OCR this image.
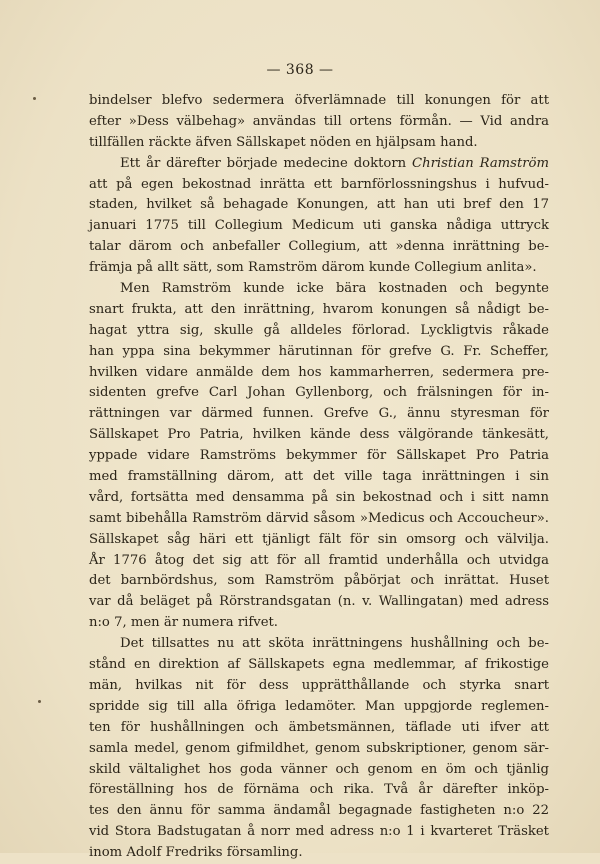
— 368 —
bindelser blefvo sedermera öfverlämnade till konungen för att
efter »Dess välbehag» användas till ortens förmån. — Vid andra
tillfällen räckte äfven Sällskapet nöden en hjälpsam hand.
Ett år därefter började medecine doktorn Christian Ramström
att på egen bekostnad inrätta ett barnförlossningshus i hufvud-
staden, hvilket så behagade Konungen, att han uti bref den 17
januari 1775 till Collegium Medicum uti ganska nådiga uttryck
talar därom och anbefaller Collegium, att »denna inrättning be-
främja på allt sätt, som Ramström därom kunde Collegium anlita».
Men Ramström kunde icke bära kostnaden och begynte
snart frukta, att den inrättning, hvarom konungen så nådigt be-
hagat yttra sig, skulle gå alldeles förlorad. Lyckligtvis råkade
han yppa sina bekymmer härutinnan för grefve G. Fr. Scheffer,
hvilken vidare anmälde dem hos kammarherren, sedermera pre-
sidenten grefve Carl Johan Gyllenborg, och frälsningen för in-
rättningen var därmed funnen. Grefve G., ännu styresman för
Sällskapet Pro Patria, hvilken kände dess välgörande tänkesätt,
yppade vidare Ramströms bekymmer för Sällskapet Pro Patria
med framställning därom, att det ville taga inrättningen i sin
vård, fortsätta med densamma på sin bekostnad och i sitt namn
samt bibehålla Ramström därvid såsom »Medicus och Accoucheur».
Sällskapet såg häri ett tjänligt fält för sin omsorg och välvilja.
År 1776 åtog det sig att för all framtid underhålla och utvidga
det barnbördshus, som Ramström påbörjat och inrättat. Huset
var då beläget på Rörstrandsgatan (n. v. Wallingatan) med adress
n:o 7, men är numera rifvet.
Det tillsattes nu att sköta inrättningens hushållning och be-
stånd en direktion af Sällskapets egna medlemmar, af frikostige
män, hvilkas nit för dess upprätthållande och styrka snart
spridde sig till alla öfriga ledamöter. Man uppgjorde reglemen-
ten för hushållningen och ämbetsmännen, täflade uti ifver att
samla medel, genom gifmildhet, genom subskriptioner, genom sär-
skild vältalighet hos goda vänner och genom en öm och tjänlig
föreställning hos de förnäma och rika. Två år därefter inköp-
tes den ännu för samma ändamål begagnade fastigheten n:o 22
vid Stora Badstugatan å norr med adress n:o 1 i kvarteret Träsket
inom Adolf Fredriks församling.
